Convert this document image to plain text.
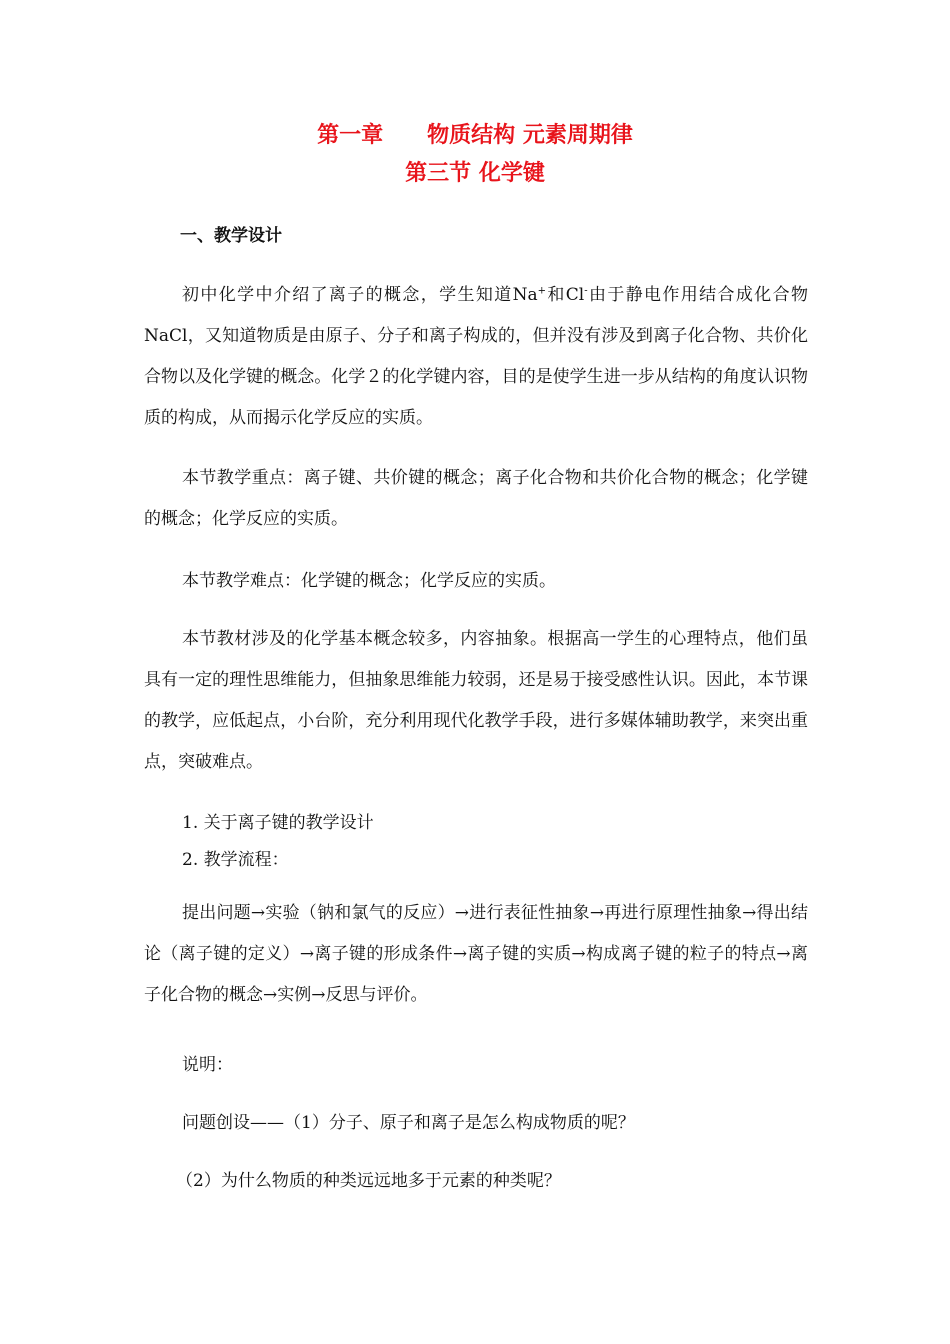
第一章　　物质结构 元素周期律
第三节 化学键
一、教学设计

初中化学中介绍了离子的概念，学生知道Na+和Cl-由于静电作用结合成化合物NaCl，又知道物质是由原子、分子和离子构成的，但并没有涉及到离子化合物、共价化合物以及化学键的概念。化学２的化学键内容，目的是使学生进一步从结构的角度认识物质的构成，从而揭示化学反应的实质。

本节教学重点：离子键、共价键的概念；离子化合物和共价化合物的概念；化学键的概念；化学反应的实质。

本节教学难点：化学键的概念；化学反应的实质。

本节教材涉及的化学基本概念较多，内容抽象。根据高一学生的心理特点，他们虽具有一定的理性思维能力，但抽象思维能力较弱，还是易于接受感性认识。因此，本节课的教学，应低起点，小台阶，充分利用现代化教学手段，进行多媒体辅助教学，来突出重点，突破难点。

1. 关于离子键的教学设计
2. 教学流程：

提出问题→实验（钠和氯气的反应）→进行表征性抽象→再进行原理性抽象→得出结论（离子键的定义）→离子键的形成条件→离子键的实质→构成离子键的粒子的特点→离子化合物的概念→实例→反思与评价。

说明：
问题创设——（1）分子、原子和离子是怎么构成物质的呢？
（2）为什么物质的种类远远地多于元素的种类呢？
